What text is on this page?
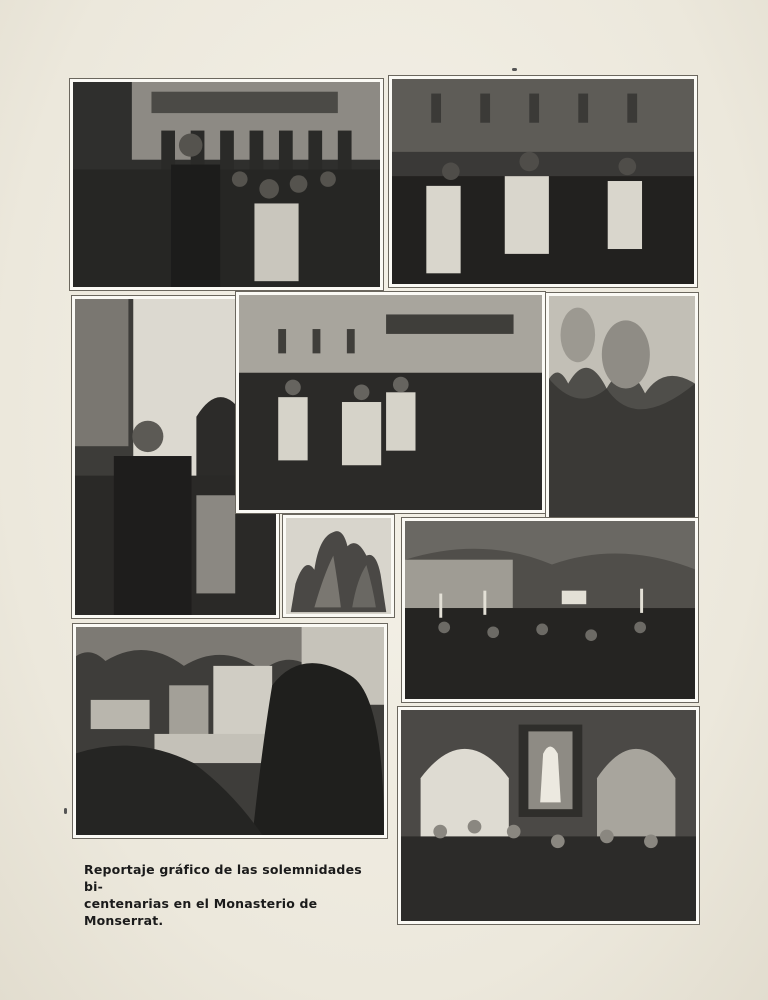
Reportaje gráfico de las solemnidades bi-
centenarias en el Monasterio de Monserrat.
